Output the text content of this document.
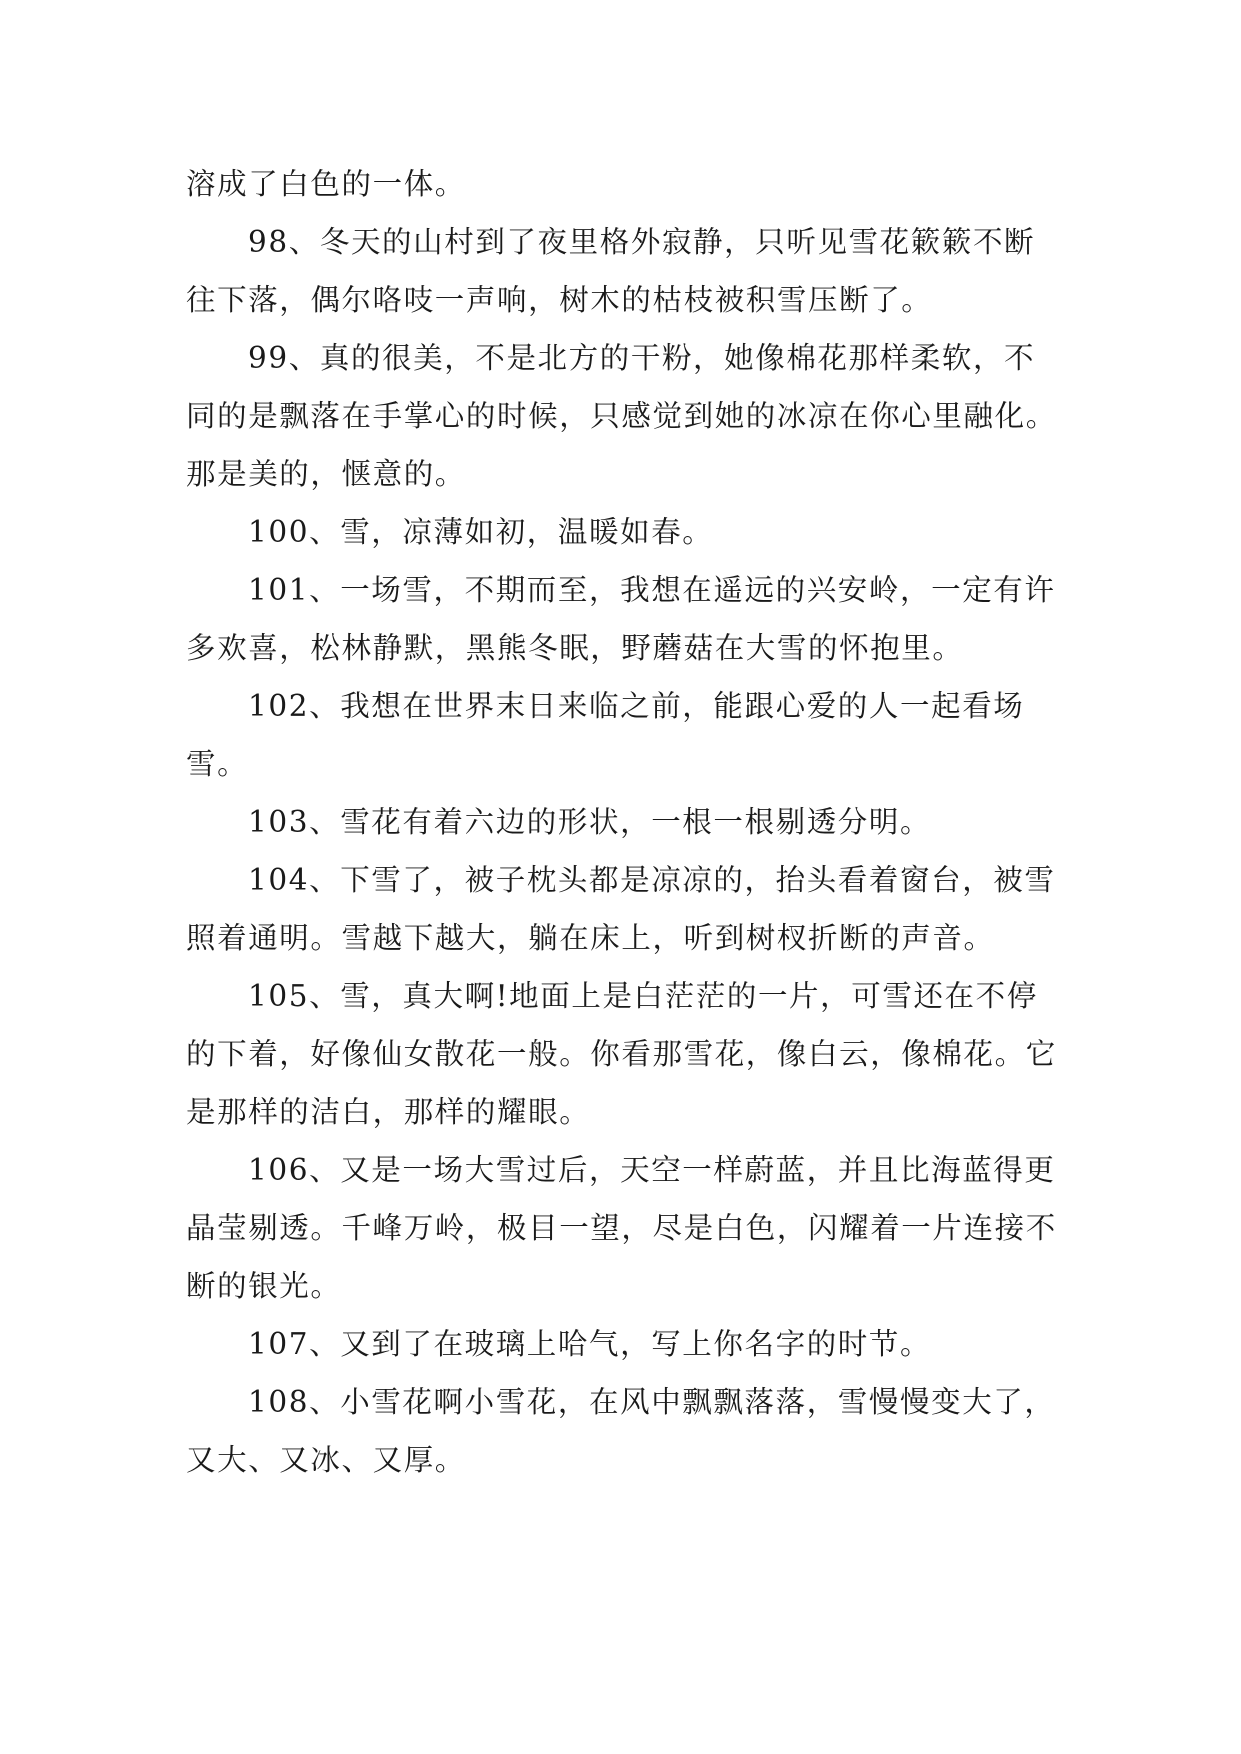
溶成了白色的一体。

98、冬天的山村到了夜里格外寂静，只听见雪花簌簌不断往下落，偶尔咯吱一声响，树木的枯枝被积雪压断了。

99、真的很美，不是北方的干粉，她像棉花那样柔软，不同的是飘落在手掌心的时候，只感觉到她的冰凉在你心里融化。那是美的，惬意的。

100、雪，凉薄如初，温暖如春。

101、一场雪，不期而至，我想在遥远的兴安岭，一定有许多欢喜，松林静默，黑熊冬眠，野蘑菇在大雪的怀抱里。

102、我想在世界末日来临之前，能跟心爱的人一起看场雪。

103、雪花有着六边的形状，一根一根剔透分明。

104、下雪了，被子枕头都是凉凉的，抬头看着窗台，被雪照着通明。雪越下越大，躺在床上，听到树杈折断的声音。

105、雪，真大啊!地面上是白茫茫的一片，可雪还在不停的下着，好像仙女散花一般。你看那雪花，像白云，像棉花。它是那样的洁白，那样的耀眼。

106、又是一场大雪过后，天空一样蔚蓝，并且比海蓝得更晶莹剔透。千峰万岭，极目一望，尽是白色，闪耀着一片连接不断的银光。

107、又到了在玻璃上哈气，写上你名字的时节。

108、小雪花啊小雪花，在风中飘飘落落，雪慢慢变大了，又大、又冰、又厚。
